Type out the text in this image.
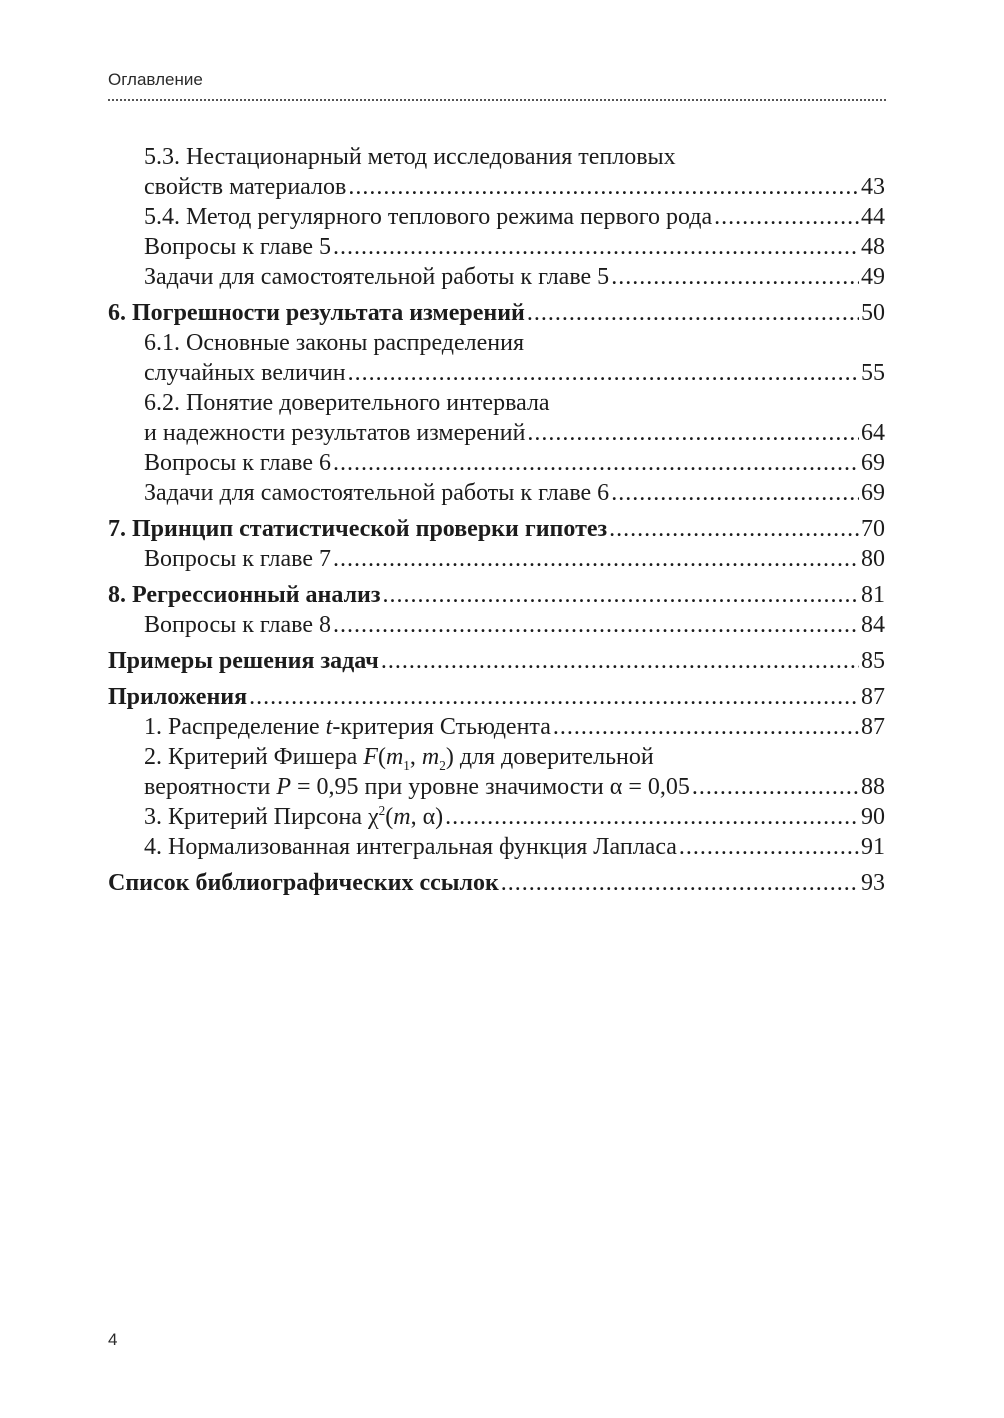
Оглавление
5.3. Нестационарный метод исследования тепловых
свойств материалов .....	43
5.4. Метод регулярного теплового режима первого рода .....	44
Вопросы к главе 5 .....	48
Задачи для самостоятельной работы к главе 5 .....	49
6. Погрешности результата измерений .....	50
6.1. Основные законы распределения
случайных величин .....	55
6.2. Понятие доверительного интервала
и надежности результатов измерений .....	64
Вопросы к главе 6 .....	69
Задачи для самостоятельной работы к главе 6 .....	69
7. Принцип статистической проверки гипотез .....	70
Вопросы к главе 7 .....	80
8. Регрессионный анализ .....	81
Вопросы к главе 8 .....	84
Примеры решения задач .....	85
Приложения .....	87
1. Распределение t-критерия Стьюдента .....	87
2. Критерий Фишера $F(m_1$, $m_2$) для доверительной
вероятности P = 0,95 при уровне значимости α = 0,05 .....	88
3. Критерий Пирсона $\chi^2(m$, α) .....	90
4. Нормализованная интегральная функция Лапласа .....	91
Список библиографических ссылок .....	93
4
